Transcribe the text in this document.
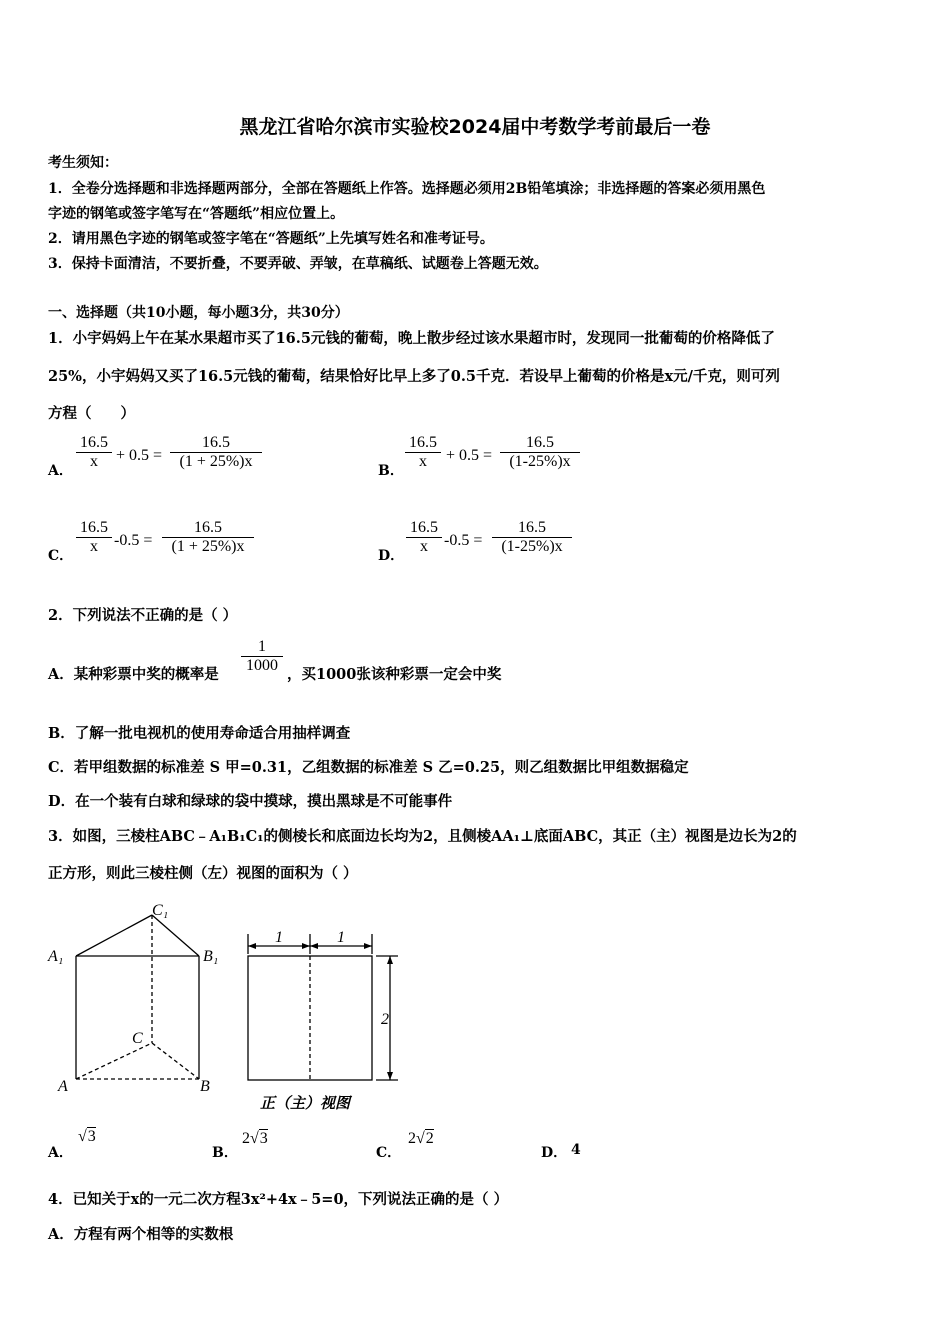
黑龙江省哈尔滨市实验校2024届中考数学考前最后一卷
考生须知：
1．全卷分选择题和非选择题两部分，全部在答题纸上作答。选择题必须用2B铅笔填涂；非选择题的答案必须用黑色
字迹的钢笔或签字笔写在“答题纸”相应位置上。
2．请用黑色字迹的钢笔或签字笔在“答题纸”上先填写姓名和准考证号。
3．保持卡面清洁，不要折叠，不要弄破、弄皱，在草稿纸、试题卷上答题无效。
一、选择题（共10小题，每小题3分，共30分）
1．小宇妈妈上午在某水果超市买了16.5元钱的葡萄，晚上散步经过该水果超市时，发现同一批葡萄的价格降低了
25%，小宇妈妈又买了16.5元钱的葡萄，结果恰好比早上多了0.5千克．若设早上葡萄的价格是x元/千克，则可列
方程（　　）
A．
16.5
x	+ 0.5 =
16.5
(1 + 25%)x
B．
16.5
x	+ 0.5 =
16.5
(1-25%)x
C．
16.5
x	-0.5 =
16.5
(1 + 25%)x
D．
16.5
x	-0.5 =
16.5
(1-25%)x
2．下列说法不正确的是（ ）
A．某种彩票中奖的概率是
1
1000
，买1000张该种彩票一定会中奖
B．了解一批电视机的使用寿命适合用抽样调查
C．若甲组数据的标准差 S 甲=0.31，乙组数据的标准差 S 乙=0.25，则乙组数据比甲组数据稳定
D．在一个装有白球和绿球的袋中摸球，摸出黑球是不可能事件
3．如图，三棱柱ABC﹣A₁B₁C₁的侧棱长和底面边长均为2，且侧棱AA₁⊥底面ABC，其正（主）视图是边长为2的
正方形，则此三棱柱侧（左）视图的面积为（ ）
C₁
A₁	B₁
C
A	B
1	1
2
正（主）视图
A．
√3
B．
2√3
C．
2√2
D． 4
4．已知关于x的一元二次方程3x²+4x﹣5=0，下列说法正确的是（ ）
A．方程有两个相等的实数根
